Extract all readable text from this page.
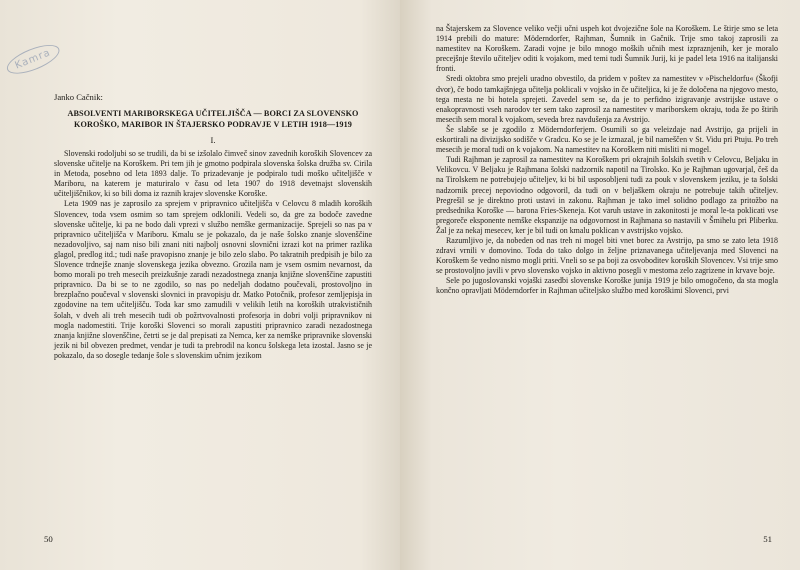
Kamra
Janko Cačnik:
ABSOLVENTI MARIBORSKEGA UČITELJIŠČA — BORCI ZA SLOVENSKO KOROŠKO, MARIBOR IN ŠTAJERSKO PODRAVJE V LETIH 1918—1919
I.

Slovenski rodoljubi so se trudili, da bi se izšolalo čimveč sinov zavednih koroških Slovencev za slovenske učitelje na Koroškem. Pri tem jih je gmotno podpirala slovenska šolska družba sv. Cirila in Metoda, posebno od leta 1893 dalje. To prizadevanje je podpiralo tudi moško učiteljišče v Mariboru, na katerem je maturiralo v času od leta 1907 do 1918 devetnajst slovenskih učiteljiščnikov, ki so bili doma iz raznih krajev slovenske Koroške.

Leta 1909 nas je zaprosilo za sprejem v pripravnico učiteljišča v Celovcu 8 mladih koroških Slovencev, toda vsem osmim so tam sprejem odklonili. Vedeli so, da gre za bodoče zavedne slovenske učitelje, ki pa ne bodo dali vprezi v službo nemške germanizacije. Sprejeli so nas pa v pripravnico učiteljišča v Mariboru. Kmalu se je pokazalo, da je naše šolsko znanje slovenščine nezadovoljivo, saj nam niso bili znani niti najbolj osnovni slovnični izrazi kot na primer razlika glagol, predlog itd.; tudi naše pravopisno znanje je bilo zelo slabo. Po takratnih predpisih je bilo za Slovence trdnejše znanje slovenskega jezika obvezno. Grozila nam je vsem osmim nevarnost, da bomo morali po treh mesecih preizkušnje zaradi nezadostnega znanja knjižne slovenščine zapustiti pripravnico. Da bi se to ne zgodilo, so nas po nedeljah dodatno poučevali, prostovoljno in brezplačno poučeval v slovenski slovnici in pravopisju dr. Matko Potočnik, profesor zemljepisja in zgodovine na tem učiteljišču. Toda kar smo zamudili v velikih letih na koroških utrakvističnih šolah, v dveh ali treh mesecih tudi ob požrtvovalnosti profesorja in dobri volji pripravnikov ni mogla nadomestiti. Trije koroški Slovenci so morali zapustiti pripravnico zaradi nezadostnega znanja knjižne slovenščine, četrti se je dal prepisati za Nemca, ker za nemške pripravnike slovenski jezik ni bil obvezen predmet, vendar je tudi ta prebrodil na koncu šolskega leta izostal. Jasno se je pokazalo, da so dosegle tedanje šole s slovenskim učnim jezikom

50

na Štajerskem za Slovence veliko večji učni uspeh kot dvojezične šole na Koroškem. Le štirje smo se leta 1914 prebili do mature: Möderndorfer, Rajhman, Šumnik in Gačnik. Trije smo takoj zaprosili za namestitev na Koroškem. Zaradi vojne je bilo mnogo moških učnih mest izpraznjenih, ker je moralo precejšnje število učiteljev oditi k vojakom, med temi tudi Šumnik Jurij, ki je padel leta 1916 na italijanski fronti.

Sredi oktobra smo prejeli uradno obvestilo, da pridem v poštev za namestitev v »Pischeldorfu« (Škofji dvor), če bodo tamkajšnjega učitelja poklicali v vojsko in če učiteljica, ki je že določena na njegovo mesto, tega mesta ne bi hotela sprejeti. Zavedel sem se, da je to perfidno izigravanje avstrijske ustave o enakopravnosti vseh narodov ter sem tako zaprosil za namestitev v mariborskem okraju, toda že po štirih mesecih sem moral k vojakom, seveda brez navdušenja za Avstrijo.

Še slabše se je zgodilo z Möderndorferjem. Osumili so ga veleizdaje nad Avstrijo, ga prijeli in eskortirali na divizijsko sodišče v Gradcu. Ko se je le izmazal, je bil nameščen v St. Vidu pri Ptuju. Po treh mesecih je moral tudi on k vojakom. Na namestitev na Koroškem niti misliti ni mogel.

Tudi Rajhman je zaprosil za namestitev na Koroškem pri okrajnih šolskih svetih v Celovcu, Beljaku in Velikovcu. V Beljaku je Rajhmana šolski nadzornik napotil na Tirolsko. Ko je Rajhman ugovarjal, češ da na Tirolskem ne potrebujejo učiteljev, ki bi bil usposobljeni tudi za pouk v slovenskem jeziku, je ta šolski nadzornik precej nepoviodno odgovoril, da tudi on v beljaškem okraju ne potrebuje takih učiteljev. Pregrešil se je direktno proti ustavi in zakonu. Rajhman je tako imel solidno podlago za pritožbo na predsednika Koroške — barona Fries-Skeneja. Kot varuh ustave in zakonitosti je moral le-ta poklicati vse pregoreče eksponente nemške ekspanzije na odgovornost in Rajhmana so nastavili v Šmihelu pri Pliberku. Žal je za nekaj mesecev, ker je bil tudi on kmalu poklican v avstrijsko vojsko.

Razumljivo je, da nobeden od nas treh ni mogel biti vnet borec za Avstrijo, pa smo se zato leta 1918 zdravi vrnili v domovino. Toda do tako dolgo in željne priznavanega učiteljevanja med Slovenci na Koroškem še vedno nismo mogli priti. Vneli so se pa boji za osvoboditev koroških Slovencev. Vsi trije smo se prostovoljno javili v prvo slovensko vojsko in aktivno posegli v mestoma zelo zagrizene in krvave boje.

Sele po jugoslovanski vojaški zasedbi slovenske Koroške junija 1919 je bilo omogočeno, da sta mogla končno opravljati Möderndorfer in Rajhman učiteljsko službo med koroškimi Slovenci, prvi

51
